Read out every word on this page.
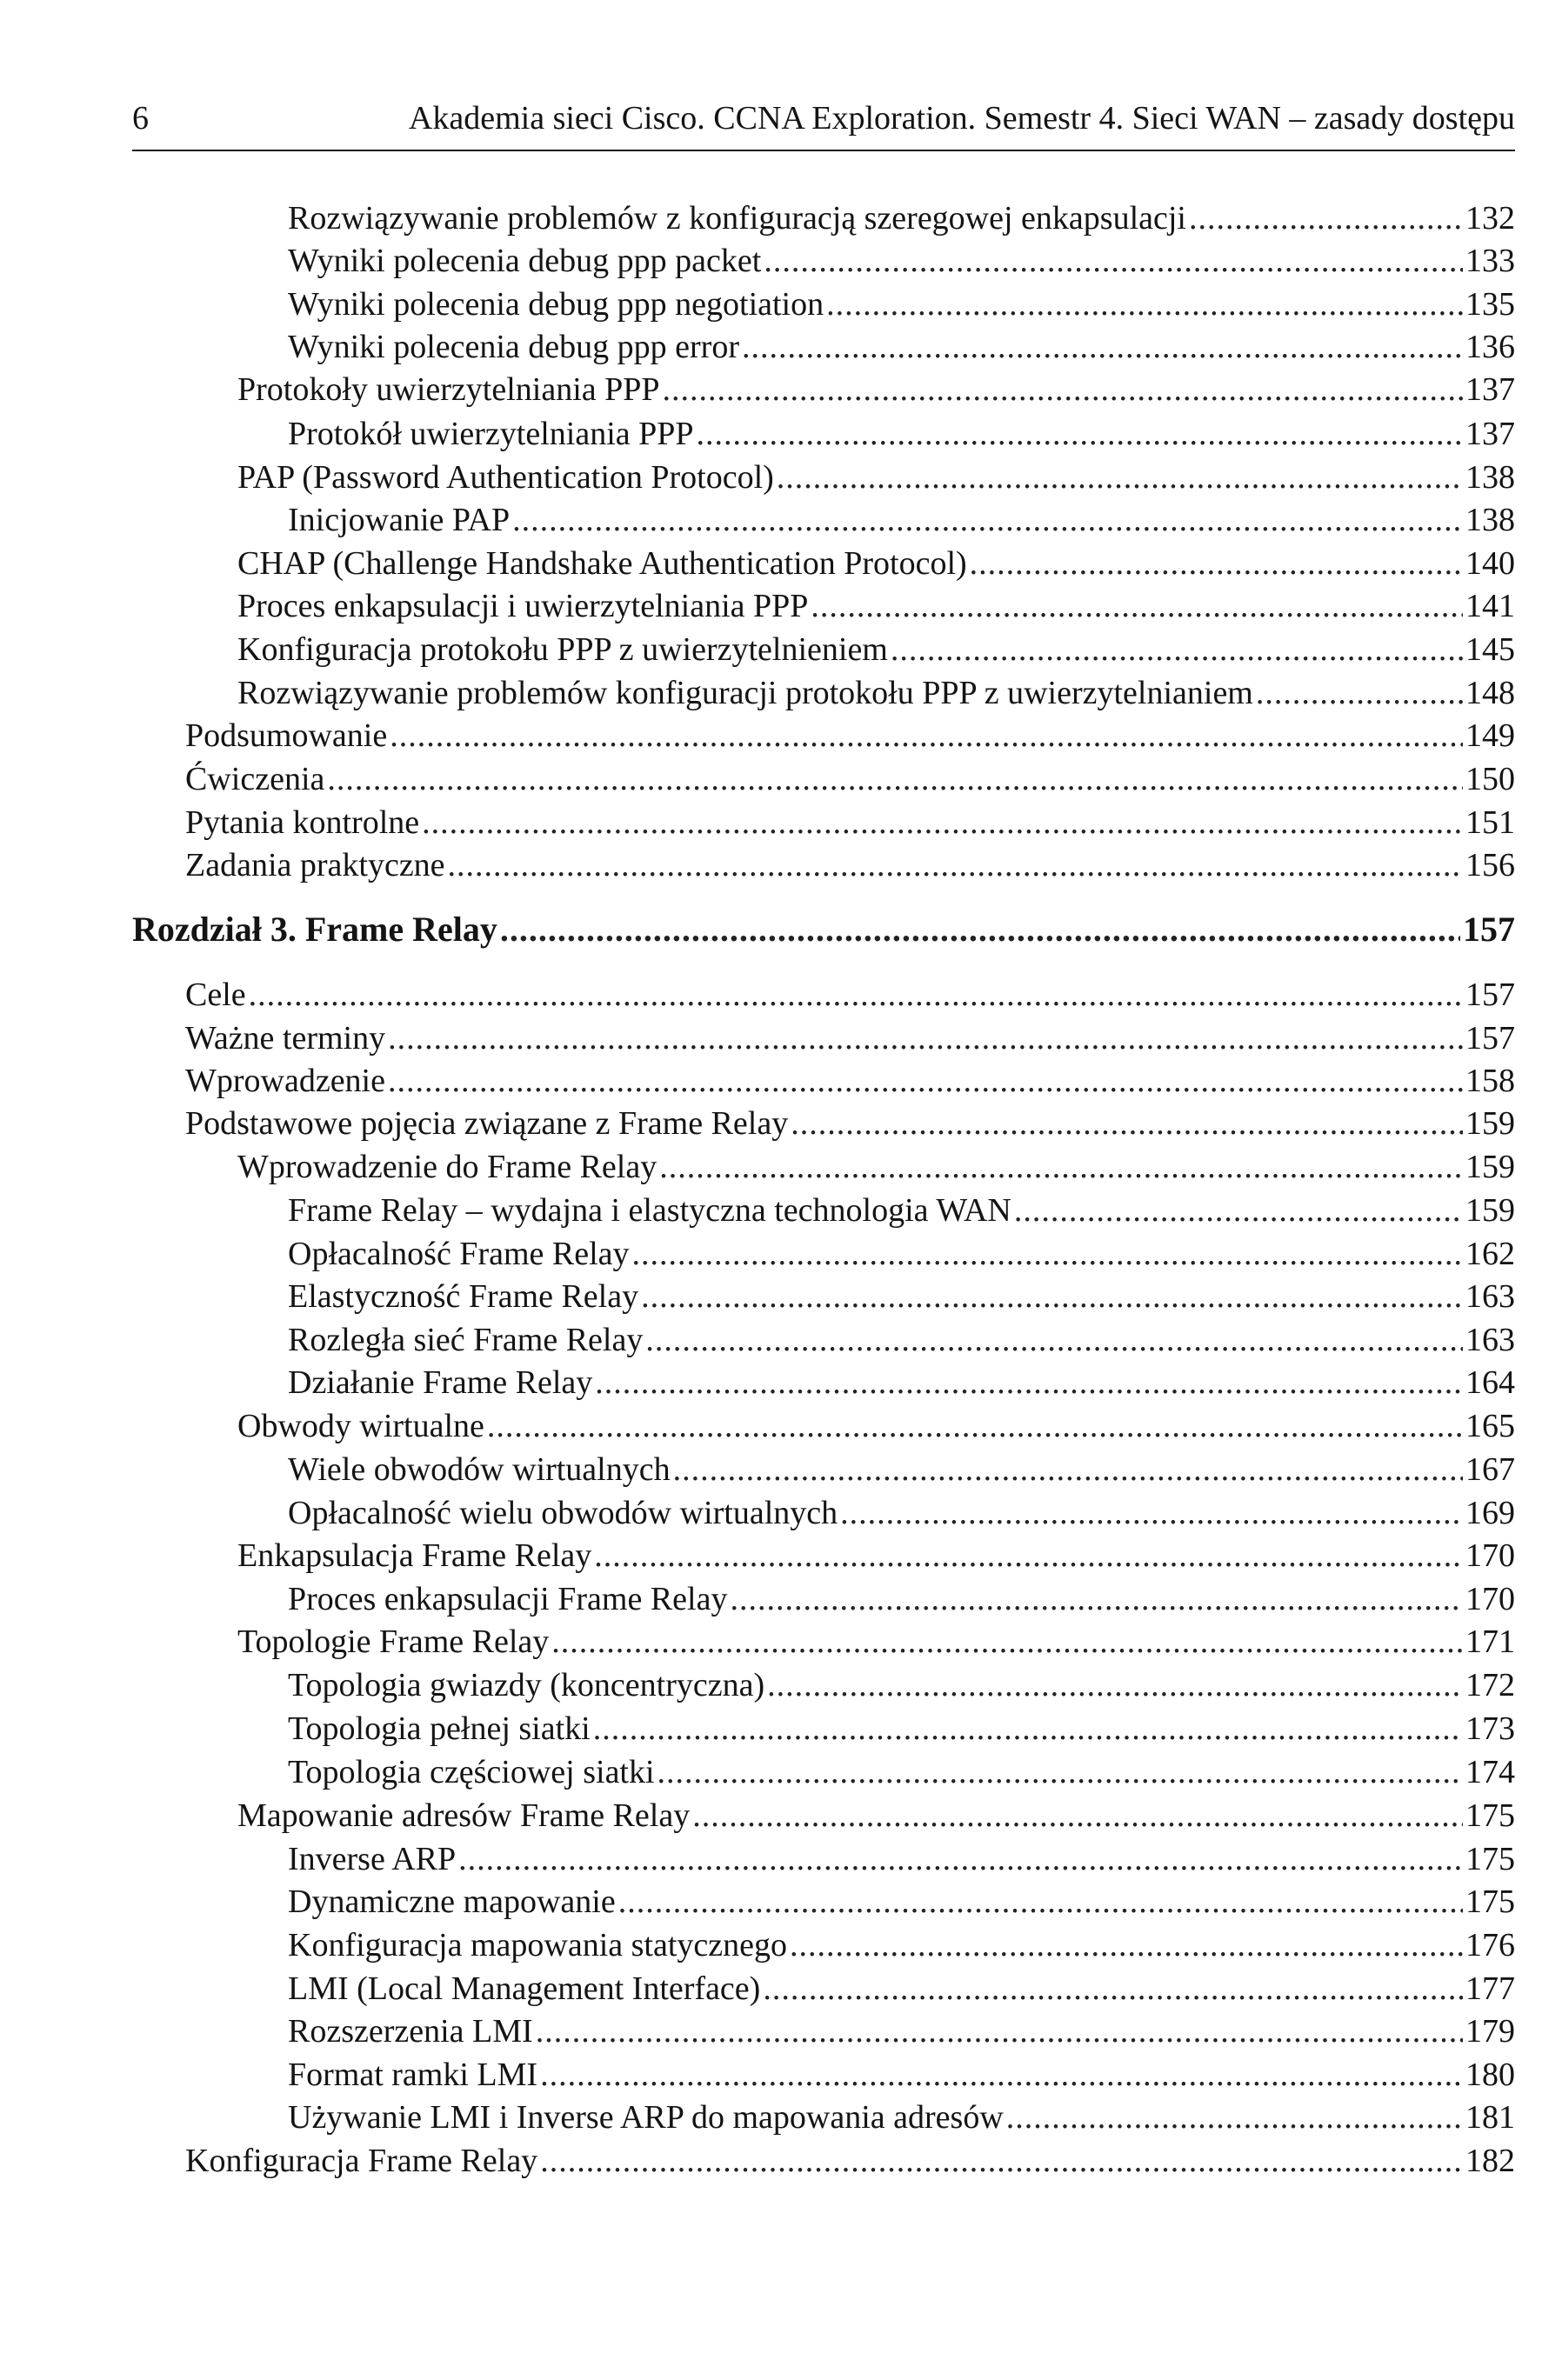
6	Akademia sieci Cisco. CCNA Exploration. Semestr 4. Sieci WAN – zasady dostępu
Rozwiązywanie problemów z konfiguracją szeregowej enkapsulacji .....	132
Wyniki polecenia debug ppp packet .....	133
Wyniki polecenia debug ppp negotiation .....	135
Wyniki polecenia debug ppp error .....	136
Protokoły uwierzytelniania PPP .....	137
Protokół uwierzytelniania PPP .....	137
PAP (Password Authentication Protocol) .....	138
Inicjowanie PAP .....	138
CHAP (Challenge Handshake Authentication Protocol) .....	140
Proces enkapsulacji i uwierzytelniania PPP .....	141
Konfiguracja protokołu PPP z uwierzytelnieniem .....	145
Rozwiązywanie problemów konfiguracji protokołu PPP z uwierzytelnianiem .....	148
Podsumowanie .....	149
Ćwiczenia .....	150
Pytania kontrolne .....	151
Zadania praktyczne .....	156
Rozdział 3. Frame Relay .....	157
Cele .....	157
Ważne terminy .....	157
Wprowadzenie .....	158
Podstawowe pojęcia związane z Frame Relay .....	159
Wprowadzenie do Frame Relay .....	159
Frame Relay – wydajna i elastyczna technologia WAN .....	159
Opłacalność Frame Relay .....	162
Elastyczność Frame Relay .....	163
Rozległa sieć Frame Relay .....	163
Działanie Frame Relay .....	164
Obwody wirtualne .....	165
Wiele obwodów wirtualnych .....	167
Opłacalność wielu obwodów wirtualnych .....	169
Enkapsulacja Frame Relay .....	170
Proces enkapsulacji Frame Relay .....	170
Topologie Frame Relay .....	171
Topologia gwiazdy (koncentryczna) .....	172
Topologia pełnej siatki .....	173
Topologia częściowej siatki .....	174
Mapowanie adresów Frame Relay .....	175
Inverse ARP .....	175
Dynamiczne mapowanie .....	175
Konfiguracja mapowania statycznego .....	176
LMI (Local Management Interface) .....	177
Rozszerzenia LMI .....	179
Format ramki LMI .....	180
Używanie LMI i Inverse ARP do mapowania adresów .....	181
Konfiguracja Frame Relay .....	182
